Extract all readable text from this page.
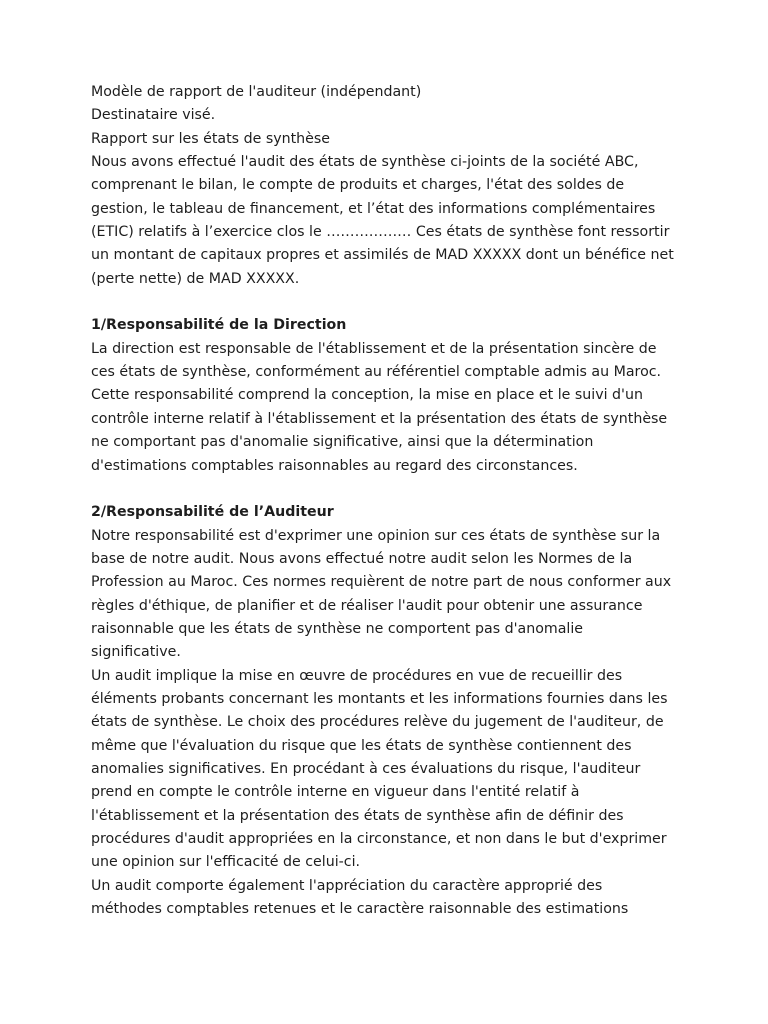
Modèle de rapport de l'auditeur (indépendant)
Destinataire visé.
Rapport sur les états de synthèse
Nous avons effectué l'audit des états de synthèse ci-joints de la société ABC,
comprenant le bilan, le compte de produits et charges, l'état des soldes de
gestion, le tableau de financement, et l’état des informations complémentaires
(ETIC) relatifs à l’exercice clos le ……………… Ces états de synthèse font ressortir
un montant de capitaux propres et assimilés de MAD XXXXX dont un bénéfice net
(perte nette) de MAD XXXXX.
1/Responsabilité de la Direction
La direction est responsable de l'établissement et de la présentation sincère de
ces états de synthèse, conformément au référentiel comptable admis au Maroc.
Cette responsabilité comprend la conception, la mise en place et le suivi d'un
contrôle interne relatif à l'établissement et la présentation des états de synthèse
ne comportant pas d'anomalie significative, ainsi que la détermination
d'estimations comptables raisonnables au regard des circonstances.
2/Responsabilité de l’Auditeur
Notre responsabilité est d'exprimer une opinion sur ces états de synthèse sur la
base de notre audit. Nous avons effectué notre audit selon les Normes de la
Profession au Maroc. Ces normes requièrent de notre part de nous conformer aux
règles d'éthique, de planifier et de réaliser l'audit pour obtenir une assurance
raisonnable que les états de synthèse ne comportent pas d'anomalie
significative.
Un audit implique la mise en œuvre de procédures en vue de recueillir des
éléments probants concernant les montants et les informations fournies dans les
états de synthèse. Le choix des procédures relève du jugement de l'auditeur, de
même que l'évaluation du risque que les états de synthèse contiennent des
anomalies significatives. En procédant à ces évaluations du risque, l'auditeur
prend en compte le contrôle interne en vigueur dans l'entité relatif à
l'établissement et la présentation des états de synthèse afin de définir des
procédures d'audit appropriées en la circonstance, et non dans le but d'exprimer
une opinion sur l'efficacité de celui-ci.
Un audit comporte également l'appréciation du caractère approprié des
méthodes comptables retenues et le caractère raisonnable des estimations
